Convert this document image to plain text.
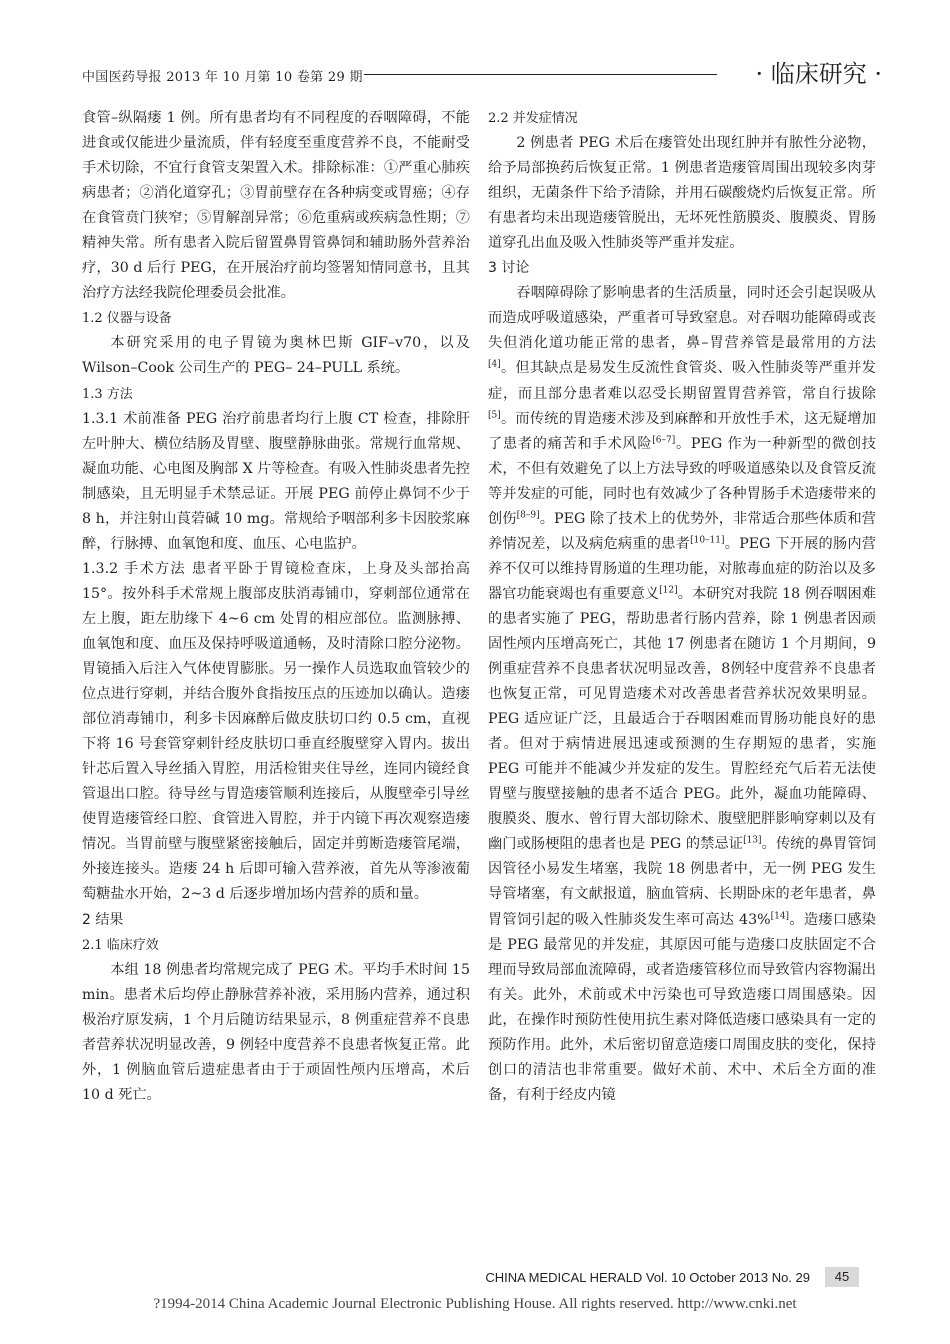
中国医药导报 2013 年 10 月第 10 卷第 29 期	· 临床研究 ·

食管–纵隔瘘 1 例。所有患者均有不同程度的吞咽障碍，不能进食或仅能进少量流质，伴有轻度至重度营养不良，不能耐受手术切除，不宜行食管支架置入术。排除标准：①严重心肺疾病患者；②消化道穿孔；③胃前壁存在各种病变或胃癌；④存在食管贲门狭窄；⑤胃解剖异常；⑥危重病或疾病急性期；⑦精神失常。所有患者入院后留置鼻胃管鼻饲和辅助肠外营养治疗，30 d 后行 PEG，在开展治疗前均签署知情同意书，且其治疗方法经我院伦理委员会批准。

1.2 仪器与设备

本研究采用的电子胃镜为奥林巴斯 GIF–v70，以及 Wilson–Cook 公司生产的 PEG– 24–PULL 系统。

1.3 方法

1.3.1 术前准备 PEG 治疗前患者均行上腹 CT 检查，排除肝左叶肿大、横位结肠及胃壁、腹壁静脉曲张。常规行血常规、凝血功能、心电图及胸部 X 片等检查。有吸入性肺炎患者先控制感染，且无明显手术禁忌证。开展 PEG 前停止鼻饲不少于 8 h，并注射山莨菪碱 10 mg。常规给予咽部利多卡因胶浆麻醉，行脉搏、血氧饱和度、血压、心电监护。

1.3.2 手术方法 患者平卧于胃镜检查床，上身及头部抬高 15°。按外科手术常规上腹部皮肤消毒铺巾，穿刺部位通常在左上腹，距左肋缘下 4~6 cm 处胃的相应部位。监测脉搏、血氧饱和度、血压及保持呼吸道通畅，及时清除口腔分泌物。胃镜插入后注入气体使胃膨胀。另一操作人员选取血管较少的位点进行穿刺，并结合腹外食指按压点的压迹加以确认。造瘘部位消毒铺巾，利多卡因麻醉后做皮肤切口约 0.5 cm，直视下将 16 号套管穿刺针经皮肤切口垂直经腹壁穿入胃内。拔出针芯后置入导丝插入胃腔，用活检钳夹住导丝，连同内镜经食管退出口腔。待导丝与胃造瘘管顺利连接后，从腹壁牵引导丝使胃造瘘管经口腔、食管进入胃腔，并于内镜下再次观察造瘘情况。当胃前壁与腹壁紧密接触后，固定并剪断造瘘管尾端，外接连接头。造瘘 24 h 后即可输入营养液，首先从等渗液葡萄糖盐水开始，2~3 d 后逐步增加场内营养的质和量。

2 结果

2.1 临床疗效

本组 18 例患者均常规完成了 PEG 术。平均手术时间 15 min。患者术后均停止静脉营养补液，采用肠内营养，通过积极治疗原发病，1 个月后随访结果显示，8 例重症营养不良患者营养状况明显改善，9 例轻中度营养不良患者恢复正常。此外，1 例脑血管后遗症患者由于于顽固性颅内压增高，术后 10 d 死亡。

2.2 并发症情况

2 例患者 PEG 术后在瘘管处出现红肿并有脓性分泌物，给予局部换药后恢复正常。1 例患者造瘘管周围出现较多肉芽组织，无菌条件下给予清除，并用石碳酸烧灼后恢复正常。所有患者均未出现造瘘管脱出，无坏死性筋膜炎、腹膜炎、胃肠道穿孔出血及吸入性肺炎等严重并发症。

3 讨论

吞咽障碍除了影响患者的生活质量，同时还会引起误吸从而造成呼吸道感染，严重者可导致窒息。对吞咽功能障碍或丧失但消化道功能正常的患者，鼻–胃营养管是最常用的方法[4]。但其缺点是易发生反流性食管炎、吸入性肺炎等严重并发症，而且部分患者难以忍受长期留置胃营养管，常自行拔除[5]。而传统的胃造瘘术涉及到麻醉和开放性手术，这无疑增加了患者的痛苦和手术风险[6–7]。PEG 作为一种新型的微创技术，不但有效避免了以上方法导致的呼吸道感染以及食管反流等并发症的可能，同时也有效减少了各种胃肠手术造瘘带来的创伤[8–9]。PEG 除了技术上的优势外，非常适合那些体质和营养情况差，以及病危病重的患者[10–11]。PEG 下开展的肠内营养不仅可以维持胃肠道的生理功能，对脓毒血症的防治以及多器官功能衰竭也有重要意义[12]。本研究对我院 18 例吞咽困难的患者实施了 PEG，帮助患者行肠内营养，除 1 例患者因顽固性颅内压增高死亡，其他 17 例患者在随访 1 个月期间，9 例重症营养不良患者状况明显改善，8例轻中度营养不良患者也恢复正常，可见胃造瘘术对改善患者营养状况效果明显。PEG 适应证广泛，且最适合于吞咽困难而胃肠功能良好的患者。但对于病情进展迅速或预测的生存期短的患者，实施 PEG 可能并不能减少并发症的发生。胃腔经充气后若无法使胃壁与腹壁接触的患者不适合 PEG。此外，凝血功能障碍、腹膜炎、腹水、曾行胃大部切除术、腹壁肥胖影响穿刺以及有幽门或肠梗阻的患者也是 PEG 的禁忌证[13]。传统的鼻胃管饲因管径小易发生堵塞，我院 18 例患者中，无一例 PEG 发生导管堵塞，有文献报道，脑血管病、长期卧床的老年患者，鼻胃管饲引起的吸入性肺炎发生率可高达 43%[14]。造瘘口感染是 PEG 最常见的并发症，其原因可能与造瘘口皮肤固定不合理而导致局部血流障碍，或者造瘘管移位而导致管内容物漏出有关。此外，术前或术中污染也可导致造瘘口周围感染。因此，在操作时预防性使用抗生素对降低造瘘口感染具有一定的预防作用。此外，术后密切留意造瘘口周围皮肤的变化，保持创口的清洁也非常重要。做好术前、术中、术后全方面的准备，有利于经皮内镜

CHINA MEDICAL HERALD Vol. 10 October 2013 No. 29	45
?1994-2014 China Academic Journal Electronic Publishing House. All rights reserved. http://www.cnki.net
